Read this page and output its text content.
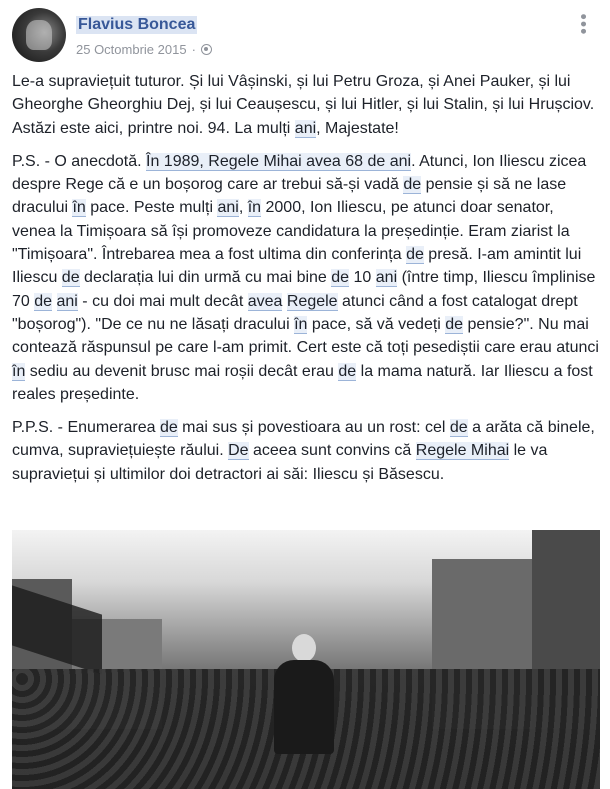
Flavius Boncea
25 Octombrie 2015 ·
•••

Le-a supraviețuit tuturor. Și lui Vâșinski, și lui Petru Groza, și Anei Pauker, și lui Gheorghe Gheorghiu Dej, și lui Ceaușescu, și lui Hitler, și lui Stalin, și lui Hrușciov. Astăzi este aici, printre noi. 94. La mulți ani, Majestate!

P.S. - O anecdotă. În 1989, Regele Mihai avea 68 de ani. Atunci, Ion Iliescu zicea despre Rege că e un boșorog care ar trebui să-și vadă de pensie și să ne lase dracului în pace. Peste mulți ani, în 2000, Ion Iliescu, pe atunci doar senator, venea la Timișoara să își promoveze candidatura la președinție. Eram ziarist la "Timișoara". Întrebarea mea a fost ultima din conferința de presă. I-am amintit lui Iliescu de declarația lui din urmă cu mai bine de 10 ani (între timp, Iliescu împlinise 70 de ani - cu doi mai mult decât avea Regele atunci când a fost catalogat drept "boșorog"). "De ce nu ne lăsați dracului în pace, să vă vedeți de pensie?". Nu mai contează răspunsul pe care l-am primit. Cert este că toți pesediștii care erau atunci în sediu au devenit brusc mai roșii decât erau de la mama natură. Iar Iliescu a fost reales președinte.

P.P.S. - Enumerarea de mai sus și povestioara au un rost: cel de a arăta că binele, cumva, supraviețuiește răului. De aceea sunt convins că Regele Mihai le va supraviețui și ultimilor doi detractori ai săi: Iliescu și Băsescu.
